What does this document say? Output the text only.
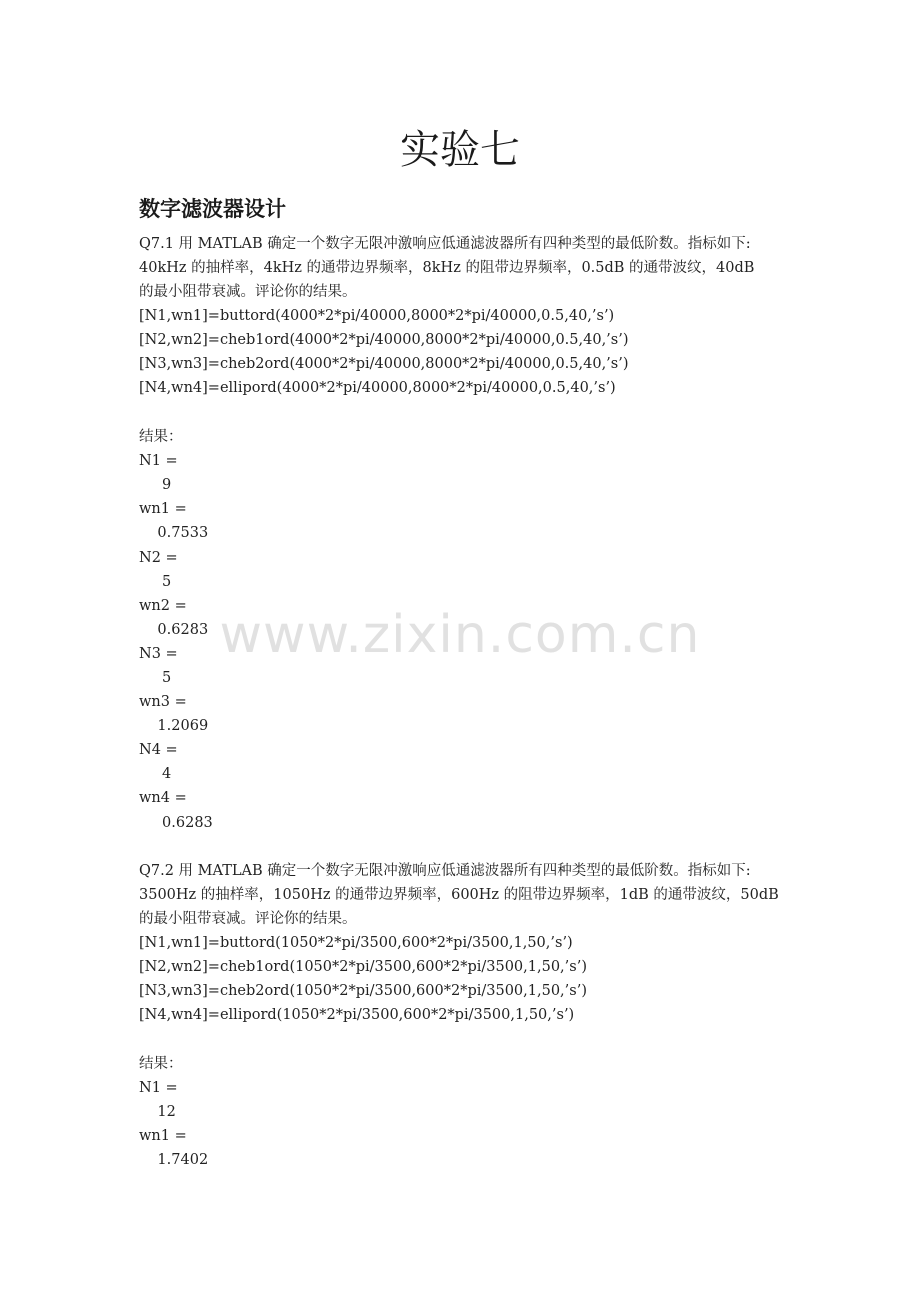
实验七
数字滤波器设计

Q7.1 用 MATLAB 确定一个数字无限冲激响应低通滤波器所有四种类型的最低阶数。指标如下:

40kHz 的抽样率，4kHz 的通带边界频率，8kHz 的阻带边界频率，0.5dB 的通带波纹，40dB

的最小阻带衰减。评论你的结果。

[N1,wn1]=buttord(4000*2*pi/40000,8000*2*pi/40000,0.5,40,’s’)

[N2,wn2]=cheb1ord(4000*2*pi/40000,8000*2*pi/40000,0.5,40,’s’)

[N3,wn3]=cheb2ord(4000*2*pi/40000,8000*2*pi/40000,0.5,40,’s’)

[N4,wn4]=ellipord(4000*2*pi/40000,8000*2*pi/40000,0.5,40,’s’)

结果：

N1 =

9

wn1 =

0.7533

N2 =

5

wn2 =

0.6283

N3 =

5

wn3 =

1.2069

N4 =

4

wn4 =

0.6283

Q7.2 用 MATLAB 确定一个数字无限冲激响应低通滤波器所有四种类型的最低阶数。指标如下:

3500Hz 的抽样率，1050Hz 的通带边界频率，600Hz 的阻带边界频率，1dB 的通带波纹，50dB

的最小阻带衰减。评论你的结果。

[N1,wn1]=buttord(1050*2*pi/3500,600*2*pi/3500,1,50,’s’)

[N2,wn2]=cheb1ord(1050*2*pi/3500,600*2*pi/3500,1,50,’s’)

[N3,wn3]=cheb2ord(1050*2*pi/3500,600*2*pi/3500,1,50,’s’)

[N4,wn4]=ellipord(1050*2*pi/3500,600*2*pi/3500,1,50,’s’)

结果：

N1 =

12

wn1 =

1.7402

www.zixin.com.cn
